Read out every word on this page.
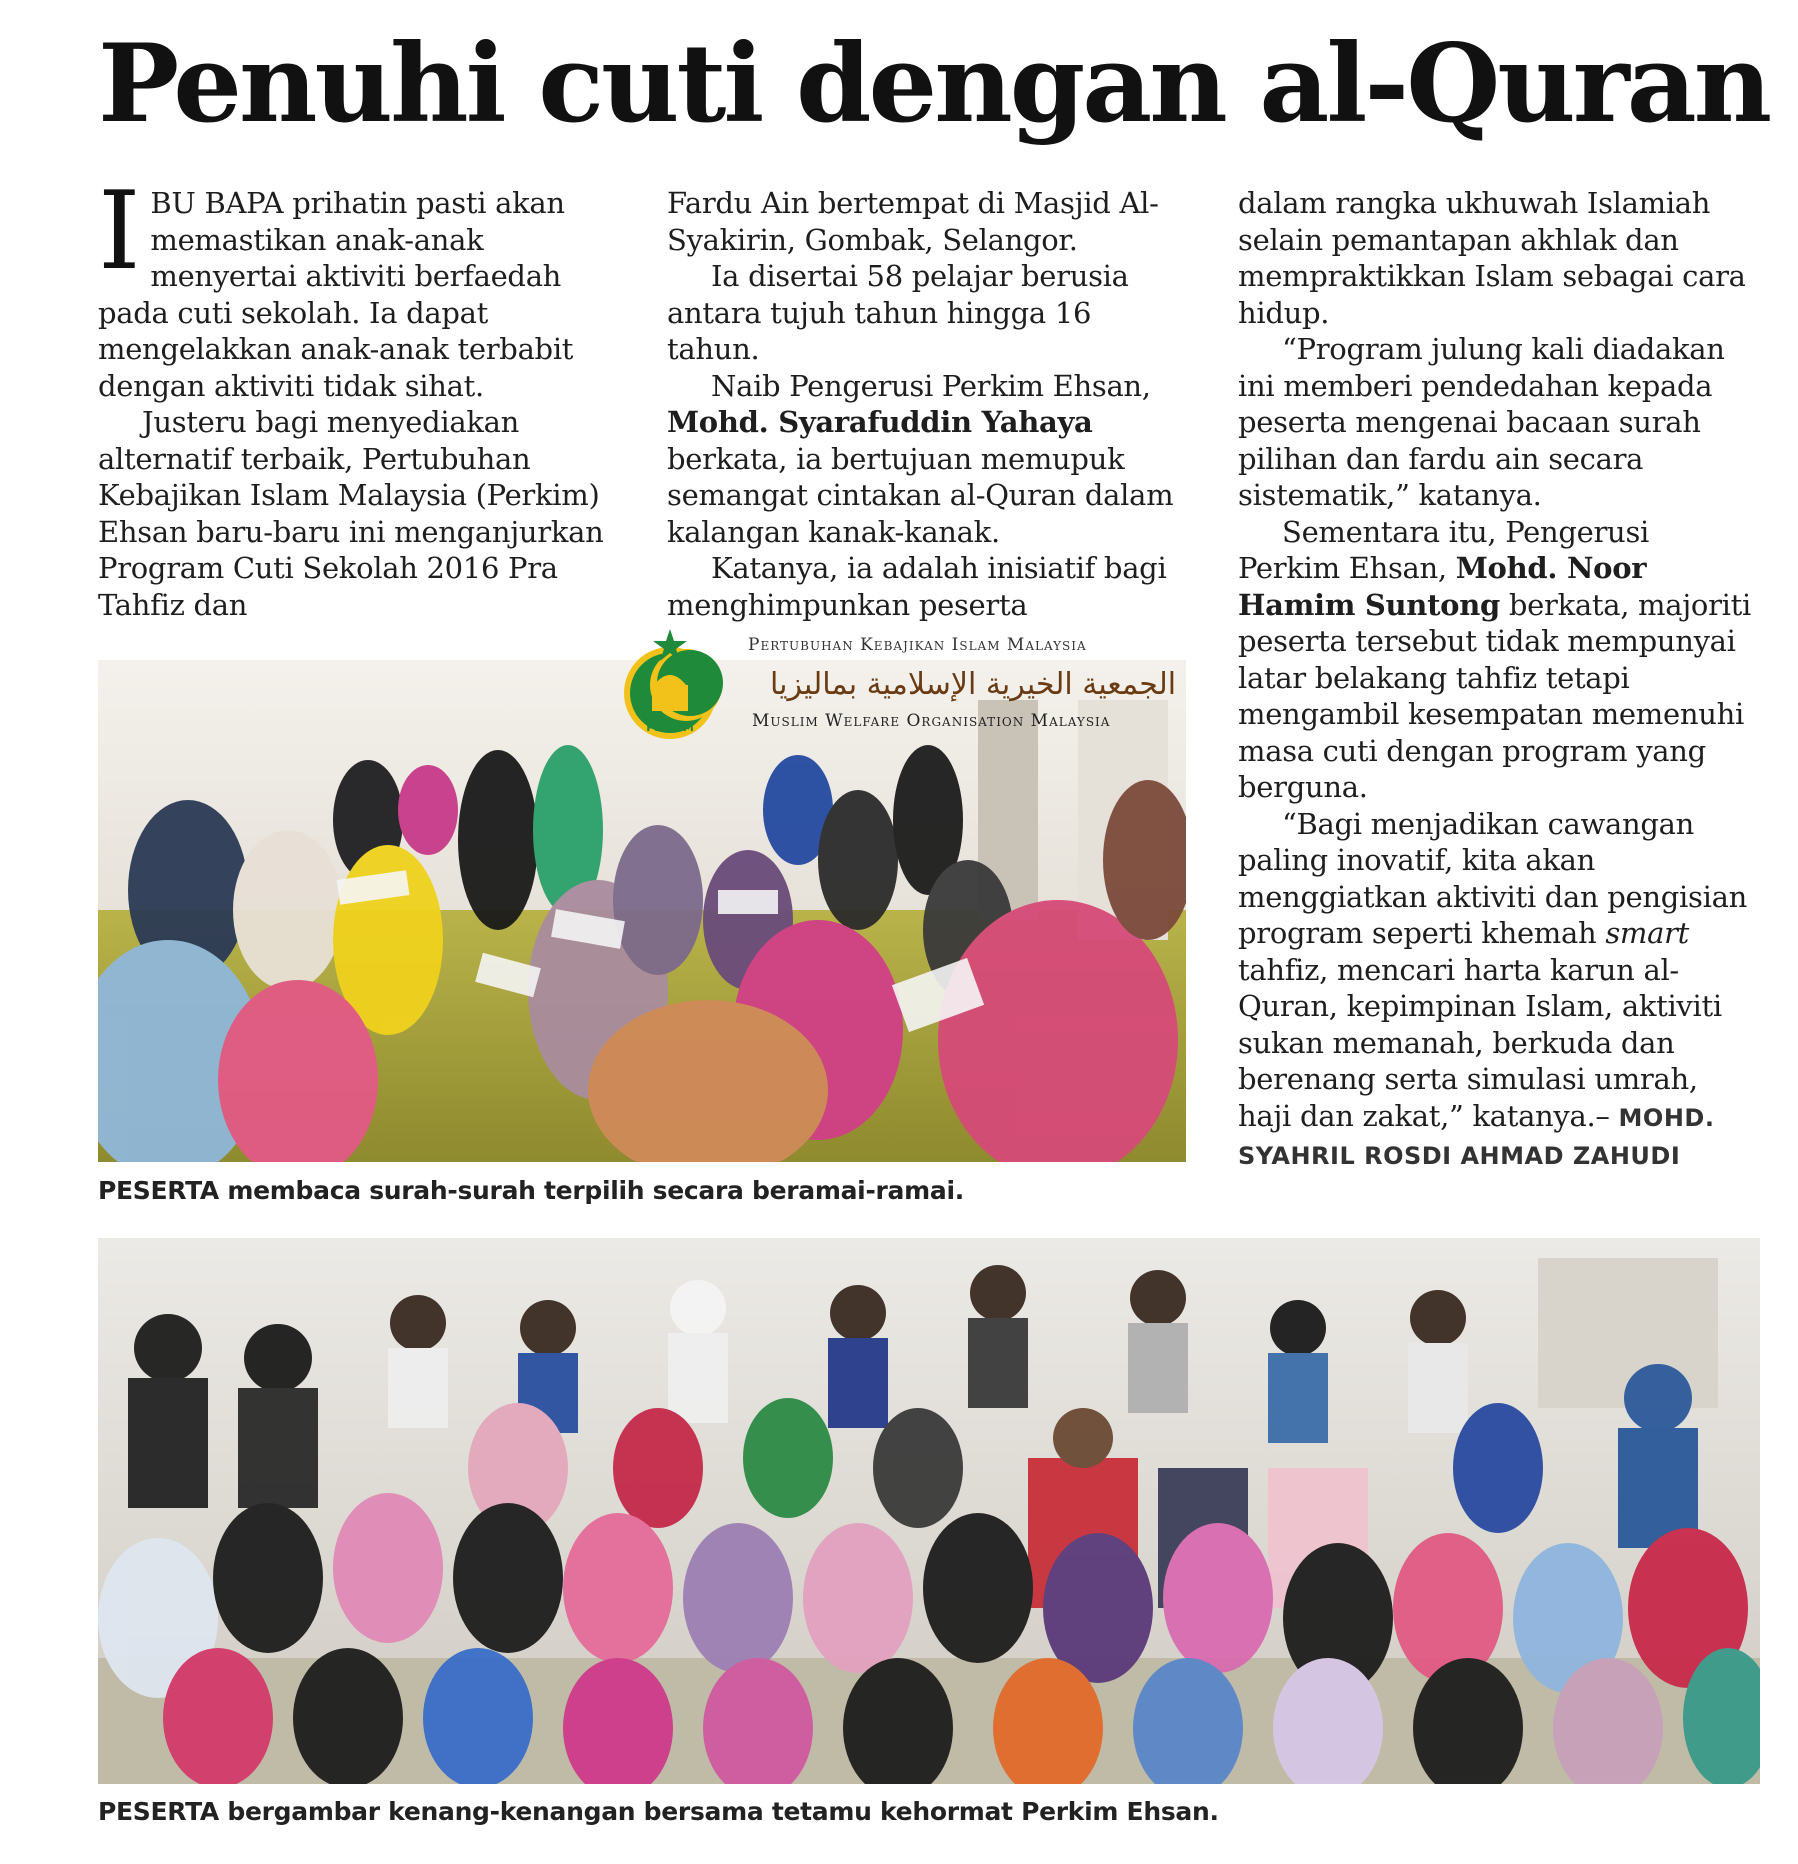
Penuhi cuti dengan al-Quran

IBU BAPA prihatin pasti akan memastikan anak-anak menyertai aktiviti berfaedah pada cuti sekolah. Ia dapat mengelakkan anak-anak terbabit dengan aktiviti tidak sihat.

Justeru bagi menyediakan alternatif terbaik, Pertubuhan Kebajikan Islam Malaysia (Perkim) Ehsan baru-baru ini menganjurkan Program Cuti Sekolah 2016 Pra Tahfiz dan

Fardu Ain bertempat di Masjid Al-Syakirin, Gombak, Selangor.

Ia disertai 58 pelajar berusia antara tujuh tahun hingga 16 tahun.

Naib Pengerusi Perkim Ehsan, Mohd. Syarafuddin Yahaya berkata, ia bertujuan memupuk semangat cintakan al-Quran dalam kalangan kanak-kanak.

Katanya, ia adalah inisiatif bagi menghimpunkan peserta

dalam rangka ukhuwah Islamiah selain pemantapan akhlak dan mempraktikkan Islam sebagai cara hidup.

“Program julung kali diadakan ini memberi pendedahan kepada peserta mengenai bacaan surah pilihan dan fardu ain secara sistematik,” katanya.

Sementara itu, Pengerusi Perkim Ehsan, Mohd. Noor Hamim Suntong berkata, majoriti peserta tersebut tidak mempunyai latar belakang tahfiz tetapi mengambil kesempatan memenuhi masa cuti dengan program yang berguna.

“Bagi menjadikan cawangan paling inovatif, kita akan menggiatkan aktiviti dan pengisian program seperti khemah smart tahfiz, mencari harta karun al-Quran, kepimpinan Islam, aktiviti sukan memanah, berkuda dan berenang serta simulasi umrah, haji dan zakat,” katanya.– MOHD. SYAHRIL ROSDI AHMAD ZAHUDI

PERKIM
Pertubuhan Kebajikan Islam Malaysia
الجمعية الخيرية الإسلامية بماليزيا
Muslim Welfare Organisation Malaysia
PESERTA membaca surah-surah terpilih secara beramai-ramai.
PESERTA bergambar kenang-kenangan bersama tetamu kehormat Perkim Ehsan.
